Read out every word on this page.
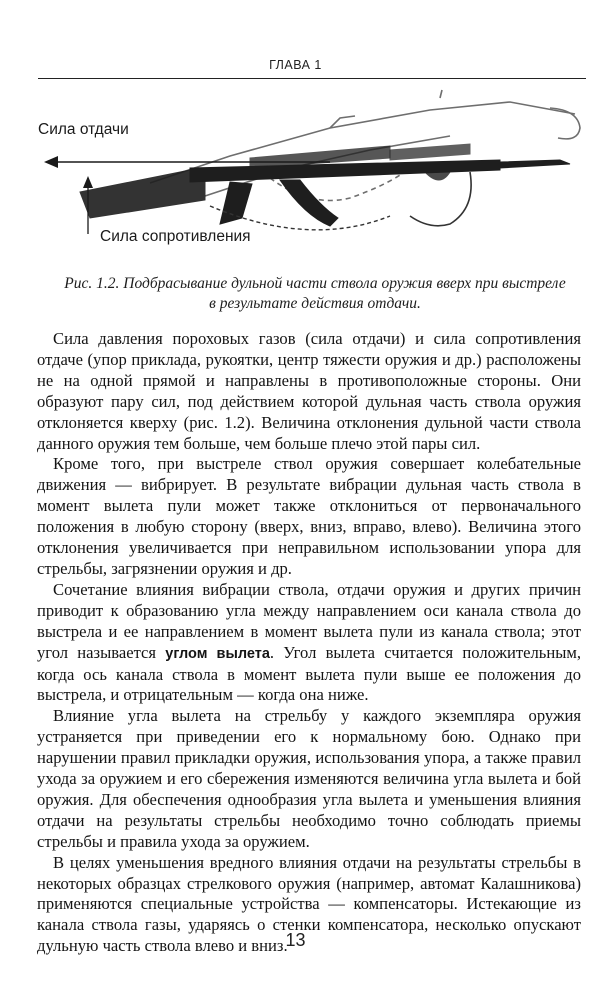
ГЛАВА 1
Сила отдачи
Сила сопротивления
Рис. 1.2. Подбрасывание дульной части ствола оружия вверх при выстреле
в результате действия отдачи.

Сила давления пороховых газов (сила отдачи) и сила сопротивления отдаче (упор приклада, рукоятки, центр тяжести оружия и др.) расположены не на одной прямой и направлены в противоположные стороны. Они образуют пару сил, под действием которой дульная часть ствола оружия отклоняется кверху (рис. 1.2). Величина отклонения дульной части ствола данного оружия тем больше, чем больше плечо этой пары сил.

Кроме того, при выстреле ствол оружия совершает колебательные движения — вибрирует. В результате вибрации дульная часть ствола в момент вылета пули может также отклониться от первоначального положения в любую сторону (вверх, вниз, вправо, влево). Величина этого отклонения увеличивается при неправильном использовании упора для стрельбы, загрязнении оружия и др.

Сочетание влияния вибрации ствола, отдачи оружия и других причин приводит к образованию угла между направлением оси канала ствола до выстрела и ее направлением в момент вылета пули из канала ствола; этот угол называется углом вылета. Угол вылета считается положительным, когда ось канала ствола в момент вылета пули выше ее положения до выстрела, и отрицательным — когда она ниже.

Влияние угла вылета на стрельбу у каждого экземпляра оружия устраняется при приведении его к нормальному бою. Однако при нарушении правил прикладки оружия, использования упора, а также правил ухода за оружием и его сбережения изменяются величина угла вылета и бой оружия. Для обеспечения однообразия угла вылета и уменьшения влияния отдачи на результаты стрельбы необходимо точно соблюдать приемы стрельбы и правила ухода за оружием.

В целях уменьшения вредного влияния отдачи на результаты стрельбы в некоторых образцах стрелкового оружия (например, автомат Калашникова) применяются специальные устройства — компенсаторы. Истекающие из канала ствола газы, ударяясь о стенки компенсатора, несколько опускают дульную часть ствола влево и вниз.

13
